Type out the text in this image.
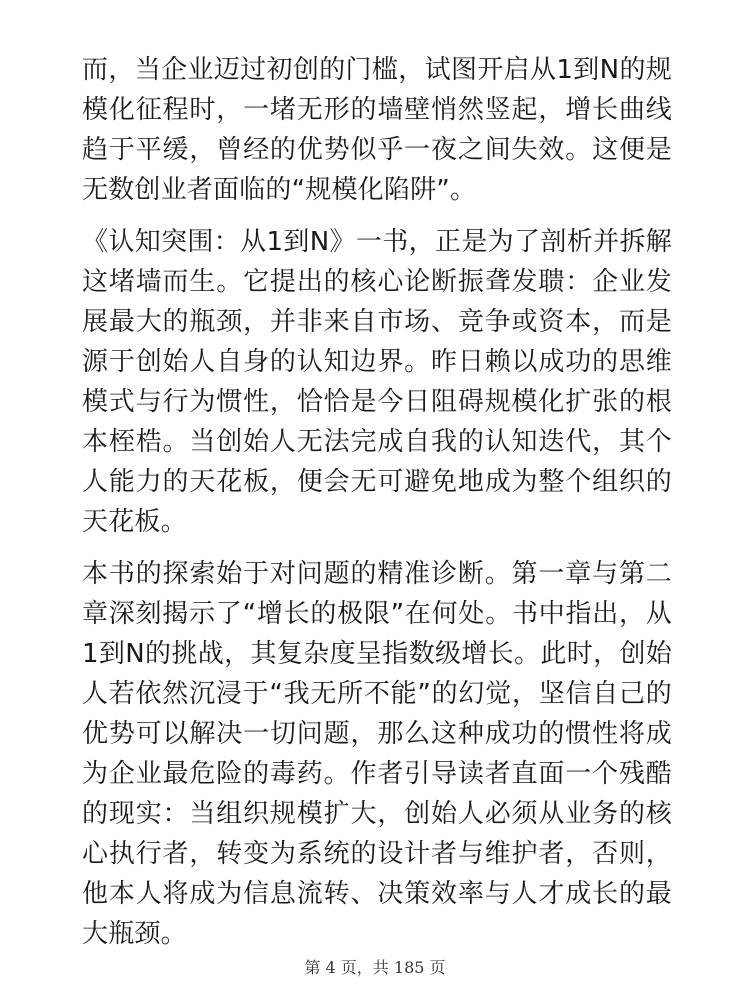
而，当企业迈过初创的门槛，试图开启从1到N的规模化征程时，一堵无形的墙壁悄然竖起，增长曲线趋于平缓，曾经的优势似乎一夜之间失效。这便是无数创业者面临的“规模化陷阱”。

《认知突围：从1到N》一书，正是为了剖析并拆解这堵墙而生。它提出的核心论断振聋发聩：企业发展最大的瓶颈，并非来自市场、竞争或资本，而是源于创始人自身的认知边界。昨日赖以成功的思维模式与行为惯性，恰恰是今日阻碍规模化扩张的根本桎梏。当创始人无法完成自我的认知迭代，其个人能力的天花板，便会无可避免地成为整个组织的天花板。

本书的探索始于对问题的精准诊断。第一章与第二章深刻揭示了“增长的极限”在何处。书中指出，从1到N的挑战，其复杂度呈指数级增长。此时，创始人若依然沉浸于“我无所不能”的幻觉，坚信自己的优势可以解决一切问题，那么这种成功的惯性将成为企业最危险的毒药。作者引导读者直面一个残酷的现实：当组织规模扩大，创始人必须从业务的核心执行者，转变为系统的设计者与维护者，否则，他本人将成为信息流转、决策效率与人才成长的最大瓶颈。

第 4 页，共 185 页
